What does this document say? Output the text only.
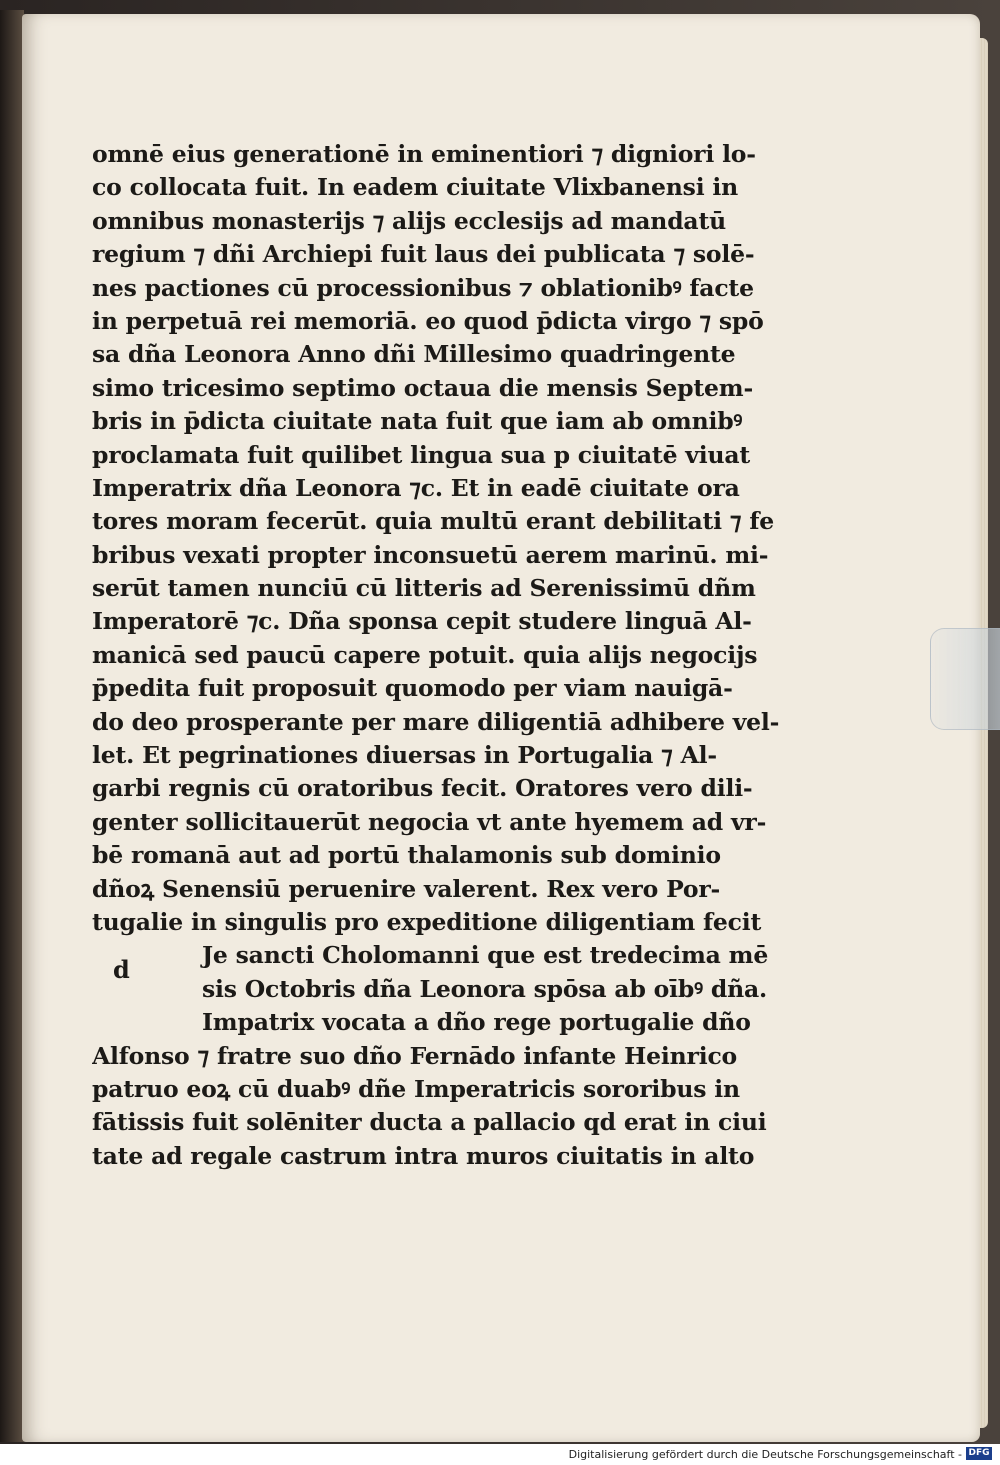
omnē eius generationē in eminentiori ⁊ digniori lo-
co collocata fuit. In eadem ciuitate Vlixbanensi in
omnibus monasterijs ⁊ alijs ecclesijs ad mandatū
regium ⁊ dñi Archiepi fuit laus dei publicata ⁊ solē-
nes pactiones cū processionibus ⁊ oblationibꝰ facte
in perpetuā rei memoriā. eo quod p̄dicta virgo ⁊ spō
sa dña Leonora Anno dñi Millesimo quadringente
simo tricesimo septimo octaua die mensis Septem-
bris in p̄dicta ciuitate nata fuit que iam ab omnibꝰ
proclamata fuit quilibet lingua sua p ciuitatē viuat
Imperatrix dña Leonora ⁊c. Et in eadē ciuitate ora
tores moram fecerūt. quia multū erant debilitati ⁊ fe
bribus vexati propter inconsuetū aerem marinū. mi-
serūt tamen nunciū cū litteris ad Serenissimū dñm
Imperatorē ⁊c. Dña sponsa cepit studere linguā Al-
manicā sed paucū capere potuit. quia alijs negocijs
p̄pedita fuit proposuit quomodo per viam nauigā-
do deo prosperante per mare diligentiā adhibere vel-
let. Et pegrinationes diuersas in Portugalia ⁊ Al-
garbi regnis cū oratoribus fecit. Oratores vero dili-
genter sollicitauerūt negocia vt ante hyemem ad vr-
bē romanā aut ad portū thalamonis sub dominio
dñoꝝ Senensiū peruenire valerent. Rex vero Por-
tugalie in singulis pro expeditione diligentiam fecit
Je sancti Cholomanni que est tredecima mē
sis Octobris dña Leonora spōsa ab oībꝰ dña.
Impatrix vocata a dño rege portugalie dño
Alfonso ⁊ fratre suo dño Fernādo infante Heinrico
patruo eoꝝ cū duabꝰ dñe Imperatricis sororibus in
fātissis fuit solēniter ducta a pallacio qd erat in ciui
tate ad regale castrum intra muros ciuitatis in alto
d
Digitalisierung gefördert durch die Deutsche Forschungsgemeinschaft - DFG
